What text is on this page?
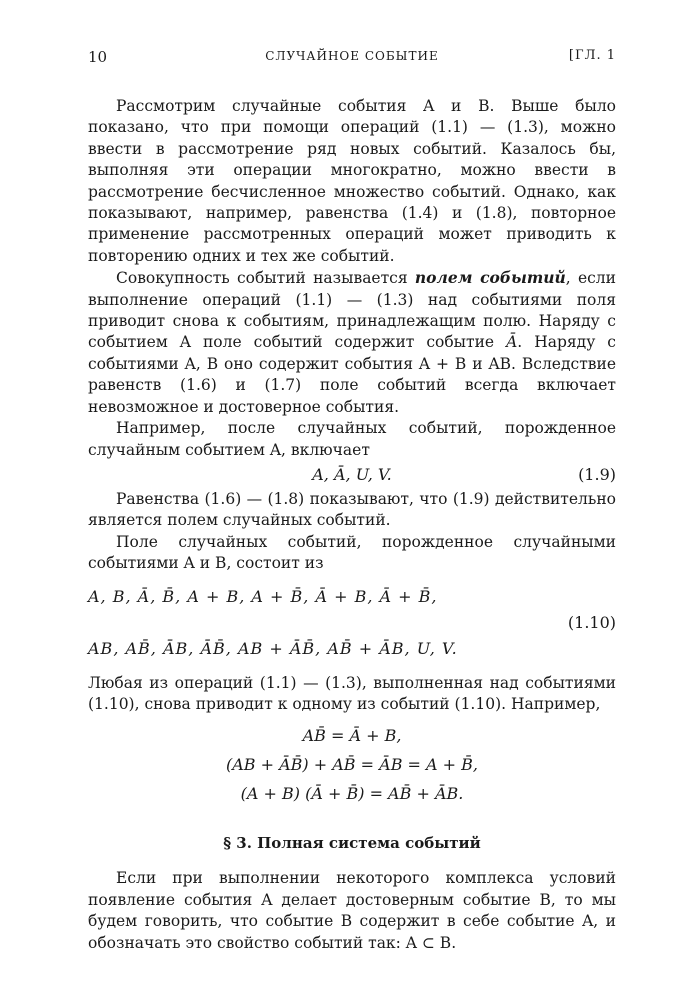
10	СЛУЧАЙНОЕ СОБЫТИЕ	[ГЛ. 1

Рассмотрим случайные события A и B. Выше было показано, что при помощи операций (1.1) — (1.3), можно ввести в рассмотрение ряд новых событий. Казалось бы, выполняя эти операции многократно, можно ввести в рассмотрение бесчисленное множество событий. Однако, как показывают, например, равенства (1.4) и (1.8), повторное применение рассмотренных операций может приводить к повторению одних и тех же событий.

Совокупность событий называется полем событий, если выполнение операций (1.1) — (1.3) над событиями поля приводит снова к событиям, принадлежащим полю. Наряду с событием A поле событий содержит событие Ā. Наряду с событиями A, B оно содержит события A + B и AB. Вследствие равенств (1.6) и (1.7) поле событий всегда включает невозможное и достоверное события.

Например, после случайных событий, порожденное случайным событием A, включает

A, Ā, U, V.	(1.9)

Равенства (1.6) — (1.8) показывают, что (1.9) действительно является полем случайных событий.

Поле случайных событий, порожденное случайными событиями A и B, состоит из

A, B, Ā, B̄, A + B, A + B̄, Ā + B, Ā + B̄,
(1.10)
AB, AB̄, ĀB, ĀB̄, AB + ĀB̄, AB̄ + ĀB, U, V.

Любая из операций (1.1) — (1.3), выполненная над событиями (1.10), снова приводит к одному из событий (1.10). Например,

AB̄ = Ā + B,
(AB + ĀB̄) + AB̄ = ĀB = A + B̄,
(A + B) (Ā + B̄) = AB̄ + ĀB.
§ 3. Полная система событий

Если при выполнении некоторого комплекса условий появление события A делает достоверным событие B, то мы будем говорить, что событие B содержит в себе событие A, и обозначать это свойство событий так: A ⊂ B.
